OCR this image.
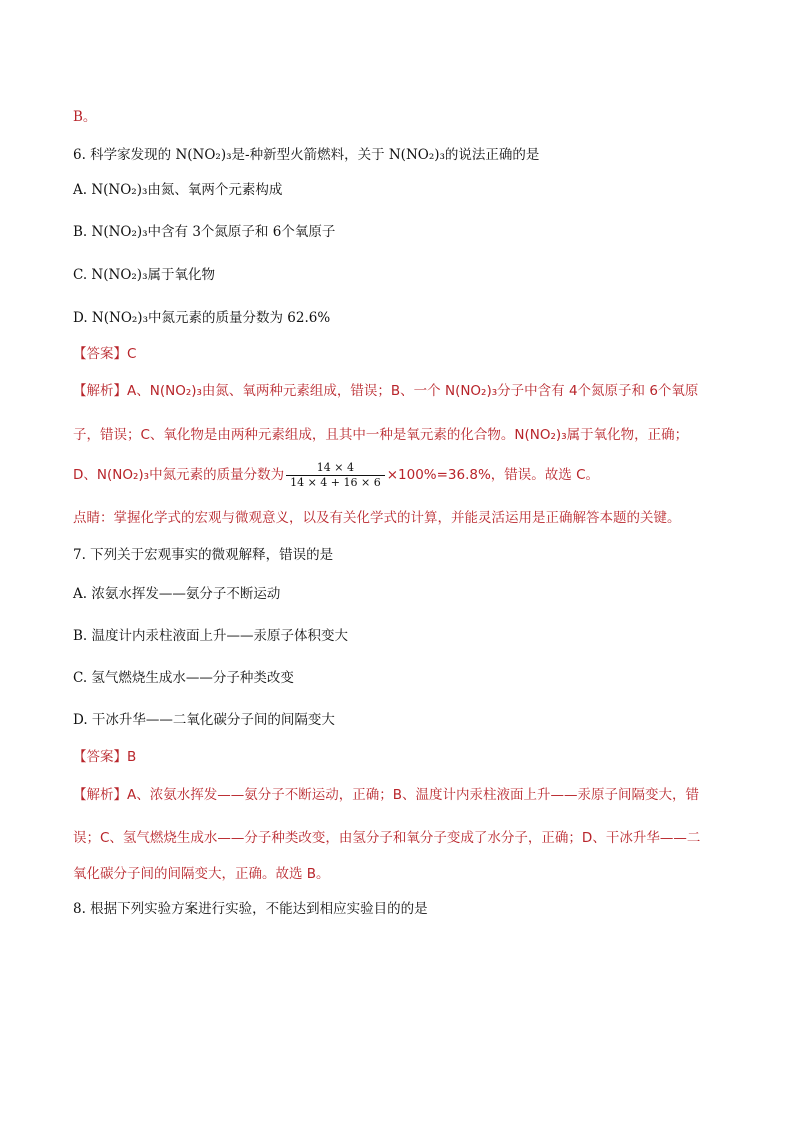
B。
6. 科学家发现的 N(NO₂)₃是-种新型火箭燃料，关于 N(NO₂)₃的说法正确的是
A. N(NO₂)₃由氮、氧两个元素构成
B. N(NO₂)₃中含有 3个氮原子和 6个氧原子
C. N(NO₂)₃属于氧化物
D. N(NO₂)₃中氮元素的质量分数为 62.6%
【答案】C
【解析】A、N(NO₂)₃由氮、氧两种元素组成，错误；B、一个 N(NO₂)₃分子中含有 4个氮原子和 6个氧原
子，错误；C、氧化物是由两种元素组成，且其中一种是氧元素的化合物。N(NO₂)₃属于氧化物，正确；
D、N(NO₂)₃中氮元素的质量分数为 $\frac{14 \times 4}{14 \times 4 + 16 \times 6} \times 100\%=36.8\%$，错误。故选 C。
点睛：掌握化学式的宏观与微观意义，以及有关化学式的计算，并能灵活运用是正确解答本题的关键。
7. 下列关于宏观事实的微观解释，错误的是
A. 浓氨水挥发——氨分子不断运动
B. 温度计内汞柱液面上升——汞原子体积变大
C. 氢气燃烧生成水——分子种类改变
D. 干冰升华——二氧化碳分子间的间隔变大
【答案】B
【解析】A、浓氨水挥发——氨分子不断运动，正确；B、温度计内汞柱液面上升——汞原子间隔变大，错
误；C、氢气燃烧生成水——分子种类改变，由氢分子和氧分子变成了水分子，正确；D、干冰升华——二
氧化碳分子间的间隔变大，正确。故选 B。
8. 根据下列实验方案进行实验，不能达到相应实验目的的是
